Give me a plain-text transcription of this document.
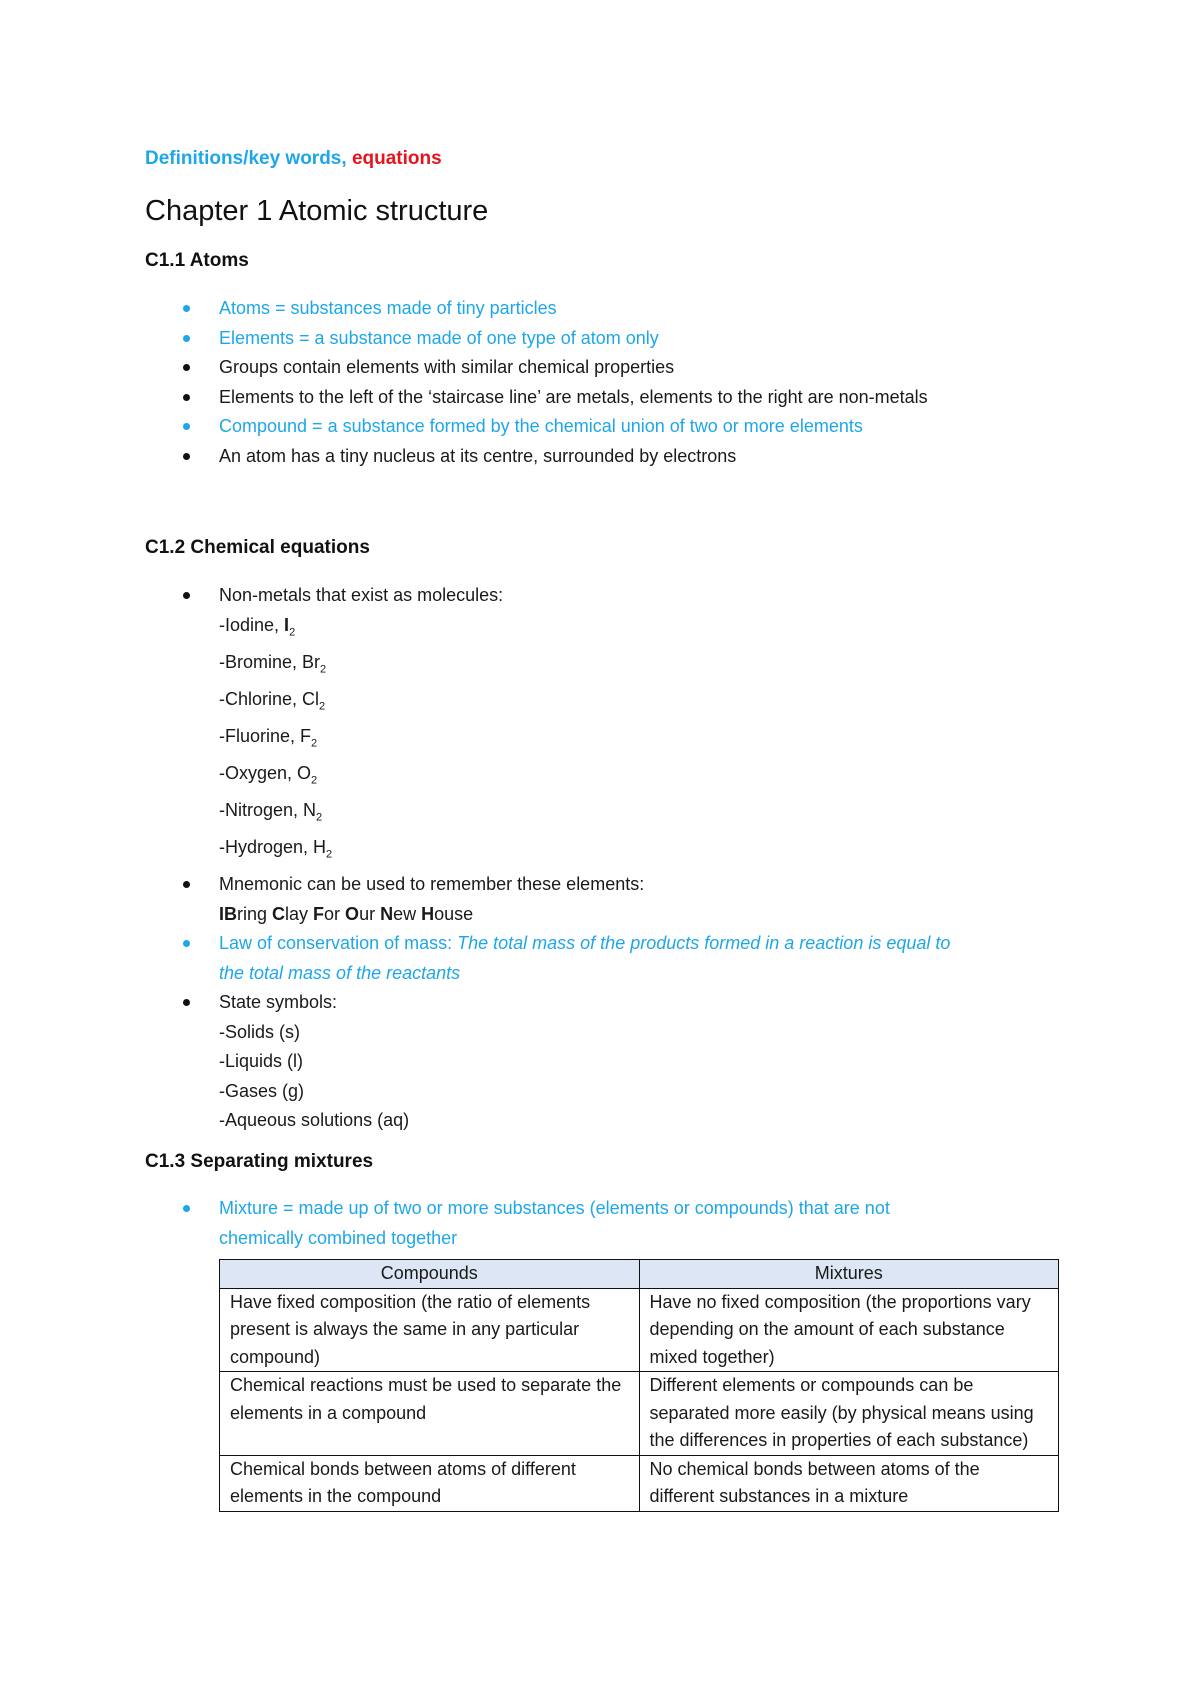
Definitions/key words, equations
Chapter 1 Atomic structure
C1.1 Atoms
Atoms = substances made of tiny particles
Elements = a substance made of one type of atom only
Groups contain elements with similar chemical properties
Elements to the left of the ‘staircase line’ are metals, elements to the right are non-metals
Compound = a substance formed by the chemical union of two or more elements
An atom has a tiny nucleus at its centre, surrounded by electrons
C1.2 Chemical equations
Non-metals that exist as molecules:
-Iodine, $I_2$
-Bromine, $Br_2$
-Chlorine, $Cl_2$
-Fluorine, $F_2$
-Oxygen, $O_2$
-Nitrogen, $N_2$
-Hydrogen, $H_2$
Mnemonic can be used to remember these elements:
IBring Clay For Our New House
Law of conservation of mass: The total mass of the products formed in a reaction is equal to
the total mass of the reactants
State symbols:
-Solids (s)
-Liquids (l)
-Gases (g)
-Aqueous solutions (aq)
C1.3 Separating mixtures
Mixture = made up of two or more substances (elements or compounds) that are not
chemically combined together
Compounds	Mixtures
Have fixed composition (the ratio of elements present is always the same in any particular compound)	Have no fixed composition (the proportions vary depending on the amount of each substance mixed together)
Chemical reactions must be used to separate the elements in a compound	Different elements or compounds can be separated more easily (by physical means using the differences in properties of each substance)
Chemical bonds between atoms of different elements in the compound	No chemical bonds between atoms of the different substances in a mixture
